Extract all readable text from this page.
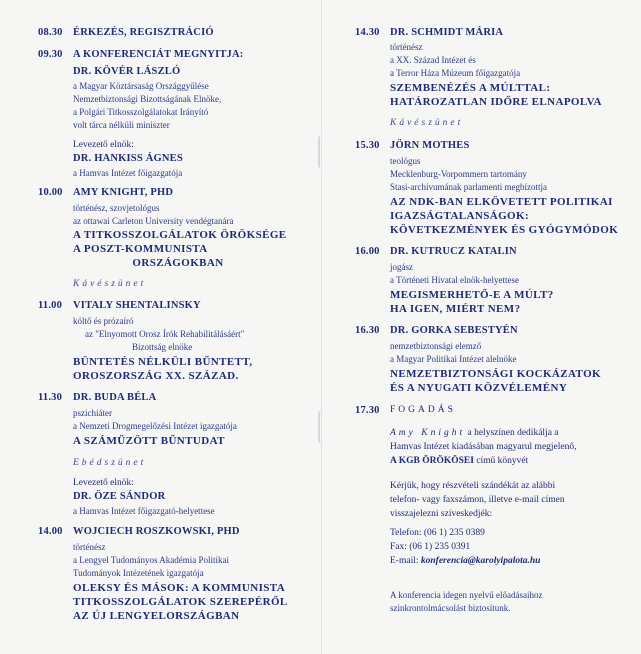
08.30 ÉRKEZÉS, REGISZTRÁCIÓ
09.30 A KONFERENCIÁT MEGNYITJA:
DR. KÖVÉR LÁSZLÓ
a Magyar Köztársaság Országgyűlése
Nemzetbiztonsági Bizottságának Elnöke,
a Polgári Titkosszolgálatokat Irányító
volt tárca nélküli miniszter
Levezető elnök:
DR. HANKISS ÁGNES
a Hamvas Intézet főigazgatója
10.00 AMY KNIGHT, PHD
történész, szovjetológus
az ottawai Carleton University vendégtanára
A TITKOSSZOLGÁLATOK ÖRÖKSÉGE
A POSZT-KOMMUNISTA
ORSZÁGOKBAN
Kávészünet
11.00 VITALY SHENTALINSKY
költő és prózaíró
az "Elnyomott Orosz Írók Rehabilitálásáért"
Bizottság elnöke
BÜNTETÉS NÉLKÜLI BŰNTETT,
OROSZORSZÁG XX. SZÁZAD.
11.30 DR. BUDA BÉLA
pszichiáter
a Nemzeti Drogmegelőzési Intézet igazgatója
A SZÁMŰZÖTT BŰNTUDAT
Ebédszünet
Levezető elnök:
DR. ÖZE SÁNDOR
a Hamvas Intézet főigazgató-helyettese
14.00 WOJCIECH ROSZKOWSKI, PHD
történész
a Lengyel Tudományos Akadémia Politikai
Tudományok Intézetének igazgatója
OLEKSY ÉS MÁSOK: A KOMMUNISTA
TITKOSSZOLGÁLATOK SZEREPÉRŐL
AZ ÚJ LENGYELORSZÁGBAN
14.30 DR. SCHMIDT MÁRIA
történész
a XX. Század Intézet és
a Terror Háza Múzeum főigazgatója
SZEMBENÉZÉS A MÚLTTAL:
HATÁROZATLAN IDŐRE ELNAPOLVA
Kávészünet
15.30 JÖRN MOTHES
teológus
Mecklenburg-Vorpommern tartomány
Stasi-archívumának parlamenti megbízottja
AZ NDK-BAN ELKÖVETETT POLITIKAI
IGAZSÁGTALANSÁGOK:
KÖVETKEZMÉNYEK ÉS GYÓGYMÓDOK
16.00 DR. KUTRUCZ KATALIN
jogász
a Történeti Hivatal elnök-helyettese
MEGISMERHETŐ-E A MÚLT?
HA IGEN, MIÉRT NEM?
16.30 DR. GORKA SEBESTYÉN
nemzetbiztonsági elemző
a Magyar Politikai Intézet alelnöke
NEMZETBIZTONSÁGI KOCKÁZATOK
ÉS A NYUGATI KÖZVÉLEMÉNY
17.30 FOGADÁS
Amy Knight a helyszínen dedikálja a
Hamvas Intézet kiadásában magyarul megjelenő,
A KGB ÖRÖKÖSEI című könyvét
Kérjük, hogy részvételi szándékát az alábbi
telefon- vagy faxszámon, illetve e-mail címen
visszajelezni szíveskedjék:
Telefon: (06 1) 235 0389
Fax: (06 1) 235 0391
E-mail: konferencia@karolyipalota.hu
A konferencia idegen nyelvű előadásaihoz
szinkrontolmácsolást biztosítunk.
